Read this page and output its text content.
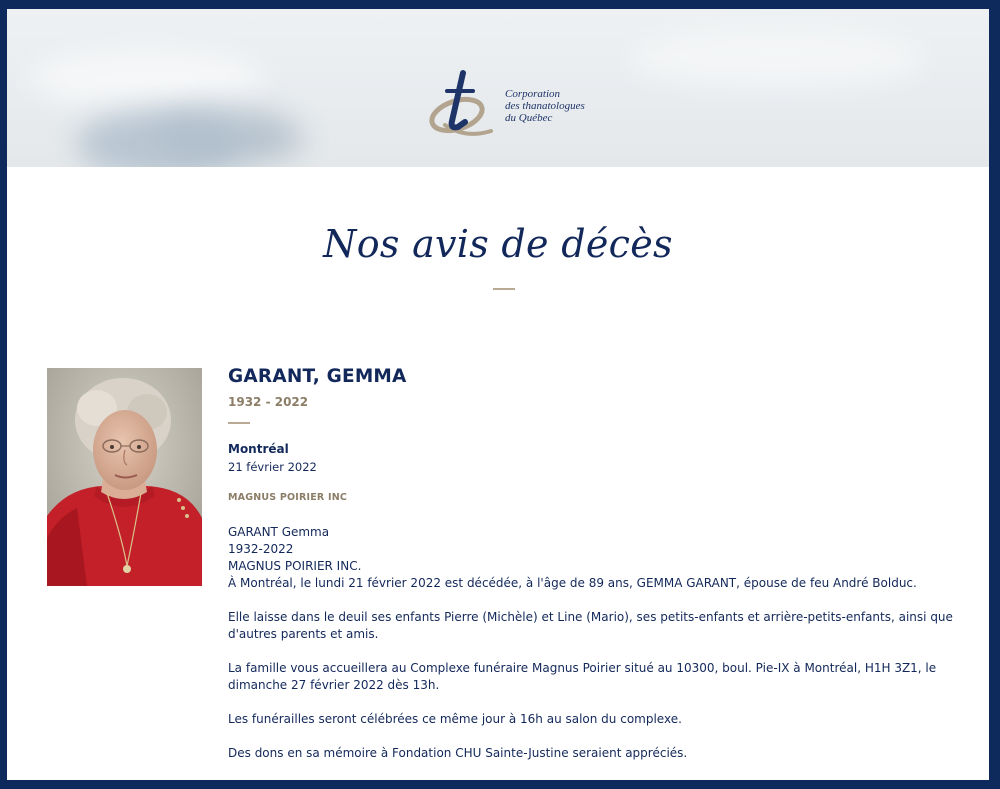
Corporation
des thanatologues
du Québec
Nos avis de décès
GARANT, GEMMA
1932 - 2022
Montréal
21 février 2022
MAGNUS POIRIER INC

GARANT Gemma
1932-2022
MAGNUS POIRIER INC.
À Montréal, le lundi 21 février 2022 est décédée, à l'âge de 89 ans, GEMMA GARANT, épouse de feu André Bolduc.

Elle laisse dans le deuil ses enfants Pierre (Michèle) et Line (Mario), ses petits-enfants et arrière-petits-enfants, ainsi que d'autres parents et amis.

La famille vous accueillera au Complexe funéraire Magnus Poirier situé au 10300, boul. Pie-IX à Montréal, H1H 3Z1, le dimanche 27 février 2022 dès 13h.

Les funérailles seront célébrées ce même jour à 16h au salon du complexe.

Des dons en sa mémoire à Fondation CHU Sainte-Justine seraient appréciés.
